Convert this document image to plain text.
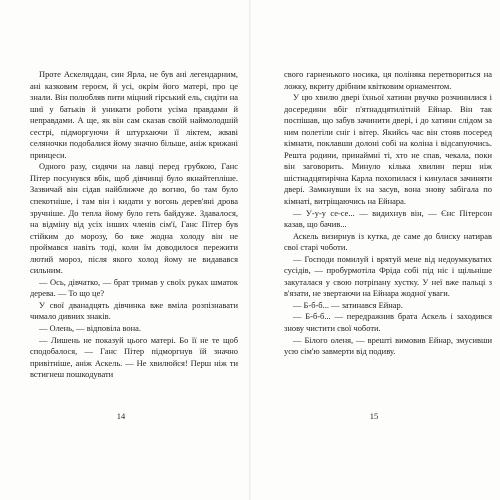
Проте Аскеляддан, син Ярла, не був ані легендарним, ані казковим героєм, й усі, окрім його матері, про це знали. Він полюбляв пити міцний гірський ель, сидіти на шиї у батьків й уникати роботи усіма правдами й неправдами. А ще, як він сам сказав своїй наймолодшій сестрі, підморгуючи й штурхаючи її ліктем, жваві селяночки подобалися йому значно більше, аніж крижані принцеси.

Одного разу, сидячи на лавці перед грубкою, Ганс Пітер посунувся вбік, щоб дівчинці було якнайтепліше. Зазвичай він сідав найближче до вогню, бо там було спекотніше, і там він і кидати у вогонь дерев'яні дрова зручніше. До тепла йому було геть байдуже. Здавалося, на відміну від усіх інших членів сім'ї, Ганс Пітер був стійким до морозу, бо вже жодна холоду він не проймався навіть тоді, коли їм доводилося пережити лютий мороз, після якого холод йому не видавався сильним.

— Ось, дівчатко, — брат тримав у своїх руках шматок дерева. — То що це?

У свої дванадцять дівчинка вже вміла розпізнавати чимало дивних знаків.

— Олень, — відповіла вона.

— Лишень не показуй цього матері. Бо її не те щоб сподобалося, — Ганс Пітер підморгнув їй значно привітніше, аніж Аскель. — Не хвилюйся! Перш ніж ти встигнеш пошкодувати

14

свого гарненького носика, ця поліняка перетвориться на ложку, вкриту дрібним квітковим орнаментом.

У цю хвилю двері їхньої хатини рвучко розчинилися і досередини вбіг п'ятнадцятилітній Ейнар. Він так поспішав, що забув зачинити двері, і до хатини слідом за ним полетіли сніг і вітер. Якийсь час він стояв посеред кімнати, поклавши долоні собі на коліна і відсапуючись. Решта родини, принаймні ті, хто не спав, чекала, поки він заговорить. Минуло кілька хвилин перш ніж шістнадцятирічна Карла похопилася і кинулася зачиняти двері. Замкнувши їх на засув, вона знову забігала по кімнаті, витріщаючись на Ейнара.

— У-у-у се-се... — видихнув він, — Єнс Пітерсон казав, що бачив...

Аскель визирнув із кутка, де саме до блиску натирав свої старі чоботи.

— Господи помилуй і врятуй мене від недоумкуватих сусідів, — пробурмотіла Фріда собі під ніс і щільніше закуталася у свою потріпану хустку. У неї вже пальці з в'язати, не звертаючи на Ейнара жодної уваги.

— Б-б-б... — затинався Ейнар.

— Б-б-б... — передражнив брата Аскель і заходився знову чистити свої чоботи.

— Білого оленя, — врешті вимовив Ейнар, змусивши усю сім'ю завмерти від подиву.

15
